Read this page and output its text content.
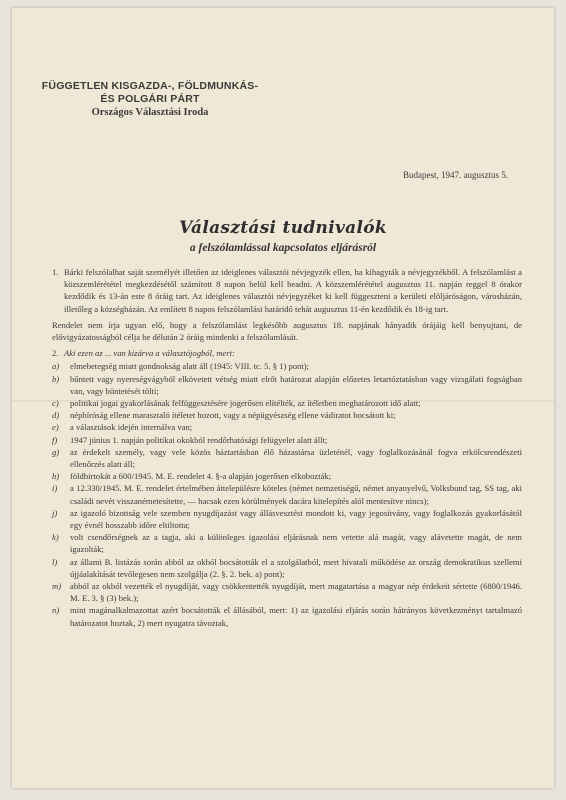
FÜGGETLEN KISGAZDA-, FÖLDMUNKÁS-
ÉS POLGÁRI PÁRT
Országos Választási Iroda
Budapest, 1947. augusztus 5.
Választási tudnivalók
a felszólamlással kapcsolatos eljárásról
1. Bárki felszólalhat saját személyét illetően az ideiglenes választói névjegyzék ellen, ha kihagyták a névjegyzékből. A felszólamlást a közszemlérététel megkezdésétől számított 8 napon belül kell beadni. A közszemlérététel augusztus 11. napján reggel 8 órakor kezdődik és 13-án este 8 óráig tart. Az ideiglenes választói névjegyzéket ki kell függeszteni a kerületi elöljáróságon, városházán, illetőleg a községházán. Az említett 8 napos felszólamlási határidő tehát augusztus 11-én kezdődik és 18-ig tart.
Rendelet nem írja ugyan elő, hogy a felszólamlást legkésőbb augusztus 18. napjának hányadik órájáig kell benyujtani, de elővigyázatosságból célja be délután 2 óráig mindenki a felszólamlását.
2. Aki ezen az ... van kizárva a választójogból, mert:
a)	elmebetegség miatt gondnokság alatt áll (1945: VIII. tc. 5. § 1) pont);
b)	bűntett vagy nyereségvágyból elkövetett vétség miatt elrőt határozat alapján előzetes letartóztatásban vagy vizsgálati fogságban van, vagy büntetését tölti;
c)	politikai jogai gyakorlásának felfüggesztésére jogerősen elítélték, az ítéletben meghatározott idő alatt;
d)	népbíróság ellene marasztaló ítéletet hozott, vagy a népügyészség ellene vádiratot bocsátott ki;
e)	a választások idején internálva van;
f)	1947 június 1. napján politikai okokból rendőrhatósági felügyelet alatt állt;
g)	az érdekelt személy, vagy vele közös háztartásban élő házastársa üzleténél, vagy foglalkozásánál fogva erkölcsrendészeti ellenőrzés alatt áll;
h)	földbirtokát a 600/1945. M. E. rendelet 4. §-a alapján jogerősen elkobozták;
i)	a 12.330/1945. M. E. rendelet értelmében áttelepülésre köteles (német nemzetiségű, német anyanyelvű, Volksbund tag, SS tag, aki családi nevét visszanémetesítette, — hacsak ezen körülmények dacára kitelepítés alól mentesítve nincs);
j)	az igazoló bizottság vele szemben nyugdíjazást vagy állásvesztést mondott ki, vagy jegosítvány, vagy foglalkozás gyakorlásától egy évnél hosszabb időre eltiltotta;
k)	volt csendőrségnek az a tagja, aki a különleges igazolási eljárásnak nem vetette alá magát, vagy alávetette magát, de nem igazolták;
l)	az állami B. listázás során abból az okból bocsátották el a szolgálatból, mert hivatali működése az ország demokratikus szellemi újjáalakítását tevőlegesen nem szolgálja (2. §. 2. bek. a) pont);
m)	abból az okból vezették el nyugdíját, vagy csökkentették nyugdíját, mert magatartása a magyar nép érdekeit sértette (6800/1946. M. E. 3. § (3) bek.);
n)	mint magánalkalmazottat azért bocsátották el állásából, mert: 1) az igazolási eljárás során hátrányos következményt tartalmazó határozatot hoztak, 2) mert nyugatra távoztak,
